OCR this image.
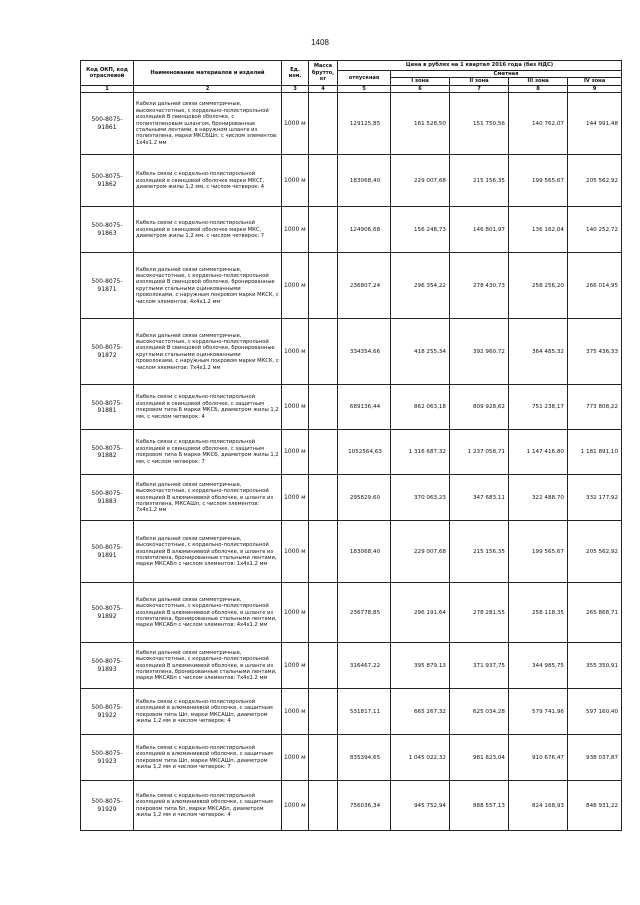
1408
Код ОКП, код отраслевой	Наименование материалов и изделий	Ед. изм.	Масса брутто, кг	Цена в рублях на 1 квартал 2016 года (без НДС)				
				отпускная	Сметная			
					I зона	II зона	III зона	IV зона

1	2	3	4	5	6	7	8	9
500-8075-91861	Кабели дальней связи симметричные, высокочастотные, с кордельно-полистирольной изоляцией В свинцовой оболочке, с полиэтиленовым шлангом, бронированные стальными лентами, в наружном шланге из полиэтилена, марки МКСБШп, с числом элементов: 1x4x1.2 мм	1000 м		129125,85	161 528,50	151 750,56	140 762,07	144 991,48
500-8075-91862	Кабель связи с кордельно-полистирольной изоляцией в свинцовой оболочке марки МКСГ, диаметром жилы 1,2 мм, с числом четверок: 4	1000 м		183068,40	229 007,68	215 156,35	199 565,67	205 562,92
500-8075-91863	Кабель связи с кордельно-полистирольной изоляцией в свинцовой оболочке марки МКС, диаметром жилы 1,2 мм, с числом четверок: 7	1000 м		124906,68	156 248,73	146 801,97	136 162,04	140 252,72
500-8075-91871	Кабели дальней связи симметричные, высокочастотные, с кордельно-полистирольной изоляцией В свинцовой оболочке, бронированные круглыми стальными оцинкованными проволоками, с наружным покровом марки МКСК, с числом элементов: 4x4x1.2 мм	1000 м		236807,24	296 354,22	278 430,73	258 256,20	266 014,95
500-8075-91872	Кабели дальней связи симметричные, высокочастотные, с кордельно-полистирольной изоляцией В свинцовой оболочке, бронированные круглыми стальными оцинкованными проволоками, с наружным покровом марки МКСК, с числом элементов: 7x4x1.2 мм	1000 м		334354,66	418 255,34	392 960,72	364 485,32	375 436,33
500-8075-91881	Кабель связи с кордельно-полистирольной изоляцией в свинцовой оболочке, с защитным покровом типа Б марки МКСБ, диаметром жилы 1,2 мм, с числом четверок: 4	1000 м		689136,44	862 063,18	809 928,62	751 238,17	773 808,22
500-8075-91882	Кабель связи с кордельно-полистирольной изоляцией в свинцовой оболочке, с защитным покровом типа Б марки МКСБ, диаметром жилы 1,2 мм, с числом четверок: 7	1000 м		1052564,63	1 316 687,32	1 237 058,71	1 147 416,80	1 181 891,10
500-8075-91883	Кабели дальней связи симметричные, высокочастотные, с кордельно-полистирольной изоляцией В алюминиевой оболочке, в шланге из полиэтилена, МКСАШп, с числом элементов: 7x4x1.2 мм	1000 м		295829,60	370 063,23	347 683,11	322 488,70	332 177,92
500-8075-91891	Кабели дальней связи симметричные, высокочастотные, с кордельно-полистирольной изоляцией В алюминиевой оболочке, в шланге из полиэтилена, бронированные стальными лентами, марки МКСАБп с числом элементов: 1x4x1.2 мм	1000 м		183068,40	229 007,68	215 156,35	199 565,67	205 562,92
500-8075-91892	Кабели дальней связи симметричные, высокочастотные, с кордельно-полистирольной изоляцией В алюминиевой оболочке, в шланге из полиэтилена, бронированные стальными лентами, марки МКСАБп с числом элементов: 4x4x1.2 мм	1000 м		236778,85	296 191,64	278 281,55	258 118,35	265 868,71
500-8075-91893	Кабели дальней связи симметричные, высокочастотные, с кордельно-полистирольной изоляцией В алюминиевой оболочке, в шланге из полиэтилена, бронированные стальными лентами, марки МКСАБп с числом элементов: 7x4x1.2 мм	1000 м		316467,22	395 879,13	371 937,75	344 985,75	355 350,91
500-8075-91922	Кабель связи с кордельно-полистирольной изоляцией в алюминиевой оболочке, с защитным покровом типа Шп, марки МКСАШп, диаметром жилы 1,2 мм и числом четверок: 4	1000 м		531817,11	665 267,32	625 034,28	579 741,96	597 160,40
500-8075-91923	Кабель связи с кордельно-полистирольной изоляцией в алюминиевой оболочке, с защитным покровом типа Шп, марки МКСАШп, диаметром жилы 1,2 мм и числом четверок: 7	1000 м		835394,65	1 045 022,32	981 823,04	910 676,47	938 037,87
500-8075-91929	Кабель связи с кордельно-полистирольной изоляцией в алюминиевой оболочке, с защитным покровом типа Бп, марки МКСАБп, диаметром жилы 1,2 мм и числом четверок: 4	1000 м		756036,34	945 752,94	888 557,13	824 168,93	848 931,22
